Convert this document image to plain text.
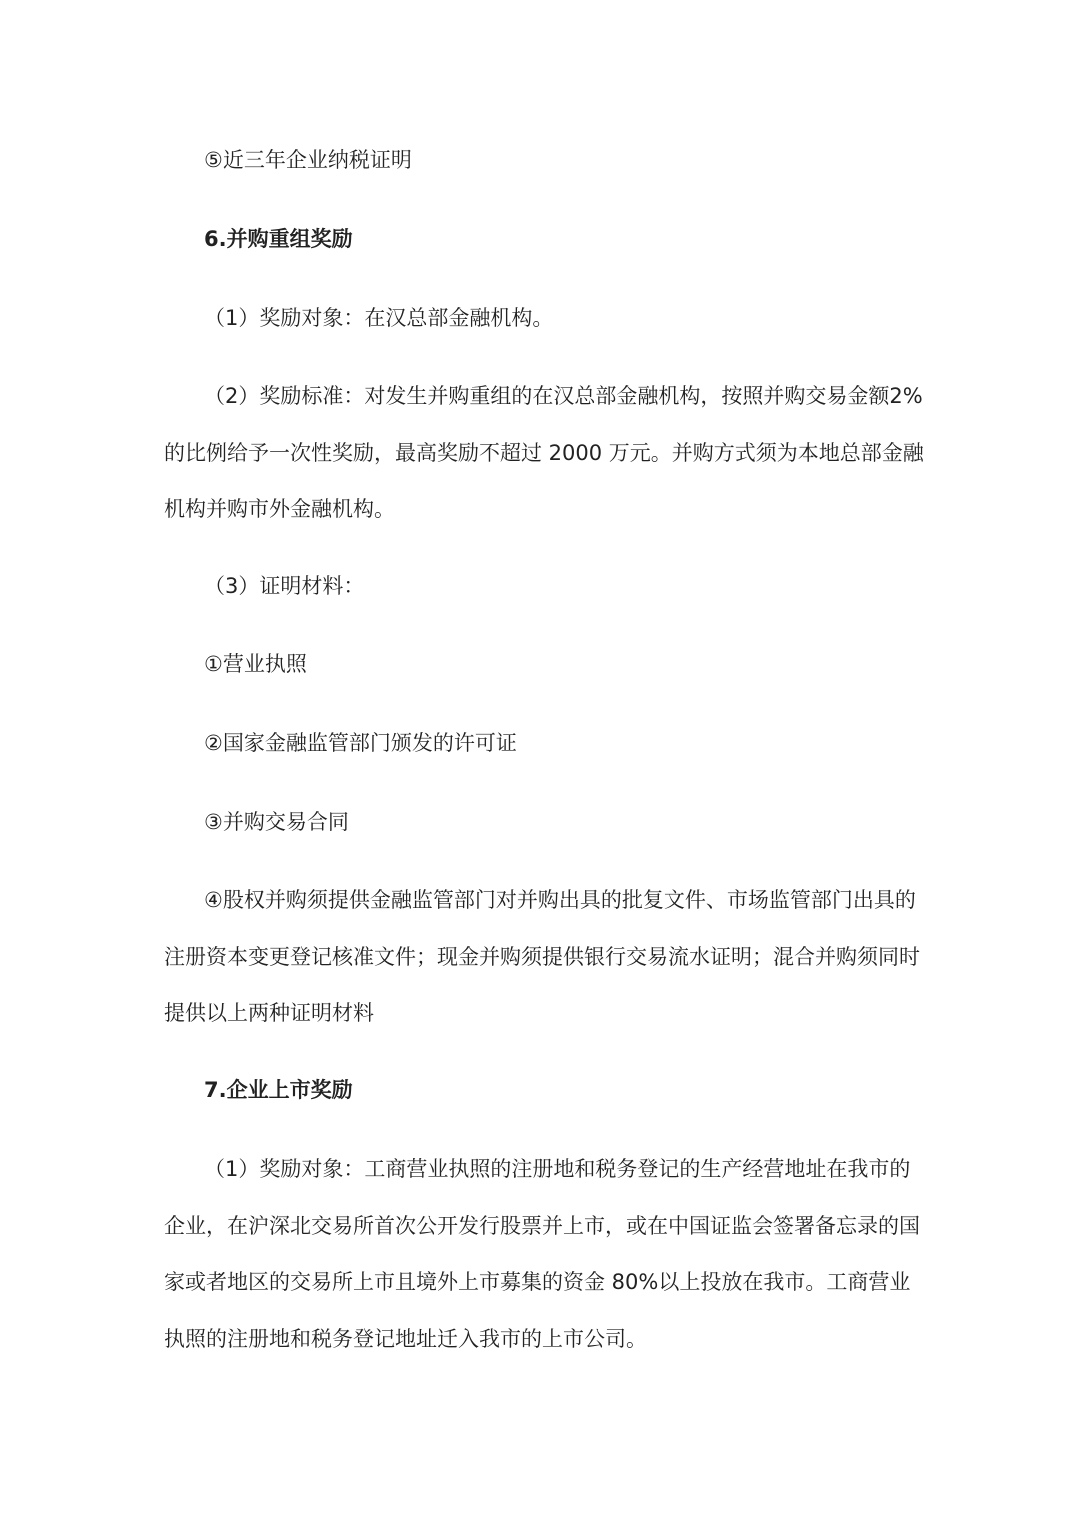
⑤近三年企业纳税证明

6.并购重组奖励

（1）奖励对象：在汉总部金融机构。

（2）奖励标准：对发生并购重组的在汉总部金融机构，按照并购交易金额2%的比例给予一次性奖励，最高奖励不超过 2000 万元。并购方式须为本地总部金融机构并购市外金融机构。

（3）证明材料：

①营业执照

②国家金融监管部门颁发的许可证

③并购交易合同

④股权并购须提供金融监管部门对并购出具的批复文件、市场监管部门出具的注册资本变更登记核准文件；现金并购须提供银行交易流水证明；混合并购须同时提供以上两种证明材料

7.企业上市奖励

（1）奖励对象：工商营业执照的注册地和税务登记的生产经营地址在我市的企业，在沪深北交易所首次公开发行股票并上市，或在中国证监会签署备忘录的国家或者地区的交易所上市且境外上市募集的资金 80%以上投放在我市。工商营业执照的注册地和税务登记地址迁入我市的上市公司。
